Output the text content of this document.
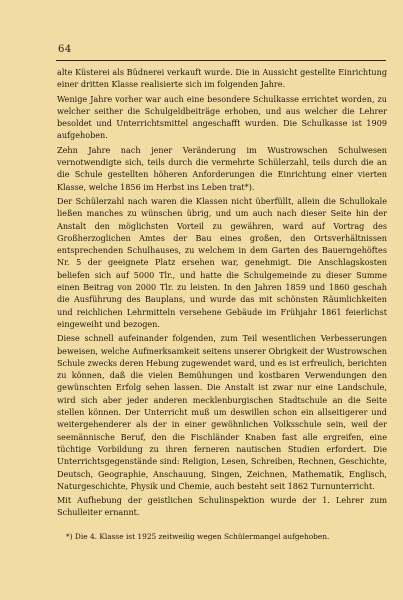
64

alte Küsterei als Büdnerei verkauft wurde. Die in Aussicht gestellte Einrichtung einer dritten Klasse realisierte sich im folgenden Jahre.

Wenige Jahre vorher war auch eine besondere Schulkasse errichtet worden, zu welcher seither die Schulgeldbeiträge erhoben, und aus welcher die Lehrer besoldet und Unterrichtsmittel angeschafft wurden. Die Schulkasse ist 1909 aufgehoben.

Zehn Jahre nach jener Veränderung im Wustrowschen Schulwesen vernotwendigte sich, teils durch die vermehrte Schülerzahl, teils durch die an die Schule gestellten höheren Anforderungen die Einrichtung einer vierten Klasse, welche 1856 im Herbst ins Leben trat*).

Der Schülerzahl nach waren die Klassen nicht überfüllt, allein die Schullokale ließen manches zu wünschen übrig, und um auch nach dieser Seite hin der Anstalt den möglichsten Vorteil zu gewähren, ward auf Vortrag des Großherzoglichen Amtes der Bau eines großen, den Ortsverhältnissen entsprechenden Schulhauses, zu welchem in dem Garten des Bauerngehöftes Nr. 5 der geeignete Platz ersehen war, genehmigt. Die Anschlagskosten beliefen sich auf 5000 Tlr., und hatte die Schulgemeinde zu dieser Summe einen Beitrag von 2000 Tlr. zu leisten. In den Jahren 1859 und 1860 geschah die Ausführung des Bauplans, und wurde das mit schönsten Räumlichkeiten und reichlichen Lehrmitteln versehene Gebäude im Frühjahr 1861 feierlichst eingeweiht und bezogen.

Diese schnell aufeinander folgenden, zum Teil wesentlichen Verbesserungen beweisen, welche Aufmerksamkeit seitens unserer Obrigkeit der Wustrowschen Schule zwecks deren Hebung zugewendet ward, und es ist erfreulich, berichten zu können, daß die vielen Bemühungen und kostbaren Verwendungen den gewünschten Erfolg sehen lassen. Die Anstalt ist zwar nur eine Landschule, wird sich aber jeder anderen mecklenburgischen Stadtschule an die Seite stellen können. Der Unterricht muß um deswillen schon ein allseitigerer und weitergehenderer als der in einer gewöhnlichen Volksschule sein, weil der seemännische Beruf, den die Fischländer Knaben fast alle ergreifen, eine tüchtige Vorbildung zu ihren ferneren nautischen Studien erfordert. Die Unterrichtsgegenstände sind: Religion, Lesen, Schreiben, Rechnen, Geschichte, Deutsch, Geographie, Anschauung, Singen, Zeichnen, Mathematik, Englisch, Naturgeschichte, Physik und Chemie, auch besteht seit 1862 Turnunterricht.

Mit Aufhebung der geistlichen Schulinspektion wurde der 1. Lehrer zum Schulleiter ernannt.

*) Die 4. Klasse ist 1925 zeitweilig wegen Schülermangel aufgehoben.
